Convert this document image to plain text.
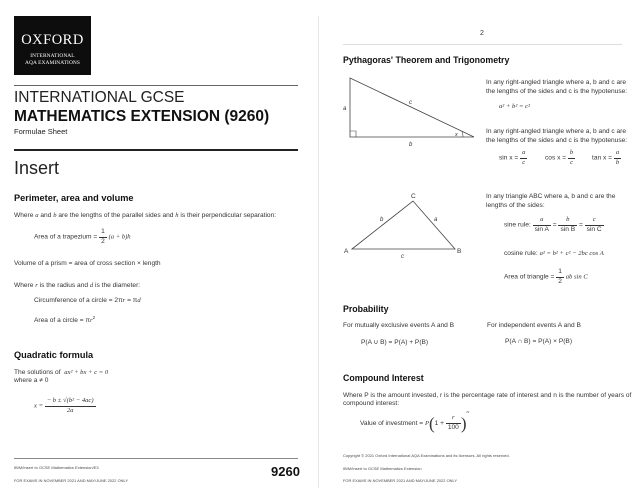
OXFORD
INTERNATIONAL
AQA EXAMINATIONS
INTERNATIONAL GCSE
MATHEMATICS EXTENSION (9260)
Formulae Sheet
Insert
Perimeter, area and volume
Where a and b are the lengths of the parallel sides and h is their perpendicular separation:
Area of a trapezium = $\frac{1}{2} (a + b)h$
Volume of a prism = area of cross section × length
Where r is the radius and d is the diameter:
Circumference of a circle = 2πr = πd
Area of a circle = $\pi r^2$
Quadratic formula
The solutions of  ax² + bx + c = 0
where a ≠ 0
$x = \frac{\text{− b ± √(b² − 4ac)}}{2a}$
IB/M/Insert to GCSE Mathematics Extension/E3
FOR EXAMS IN NOVEMBER 2021 AND MAY/JUNE 2022 ONLY
9260
2
Pythagoras' Theorem and Trigonometry
a
c
b
x
In any right-angled triangle where a, b and c are
the lengths of the sides and c is the hypotenuse:
a² + b² = c²
In any right-angled triangle where a, b and c are
the lengths of the sides and c is the hypotenuse:
$\sin x = \frac{a}{c}$	$\cos x = \frac{b}{c}$	$\tan x = \frac{a}{b}$
A
C
B
b	a
c
In any triangle ABC where a, b and c are the
lengths of the sides:
sine rule: $\frac{a}{\text{sin A}} = \frac{b}{\text{sin B}} = \frac{c}{\text{sin C}}$
cosine rule: a² = b² + c² − 2bc cos A
Area of triangle = $\frac{1}{2}$ ab sin C
Probability
For mutually exclusive events A and B
P(A ∪ B) = P(A) + P(B)
For independent events A and B
P(A ∩ B) = P(A) × P(B)
Compound Interest
Where P is the amount invested, r is the percentage rate of interest and n is the number of years of
compound interest:
Value of investment = $P(1 + \frac{r}{100} )^n$
Copyright © 2021 Oxford International AQA Examinations and its licensors. All rights reserved.
IB/M/Insert to GCSE Mathematics Extension
FOR EXAMS IN NOVEMBER 2021 AND MAY/JUNE 2022 ONLY
